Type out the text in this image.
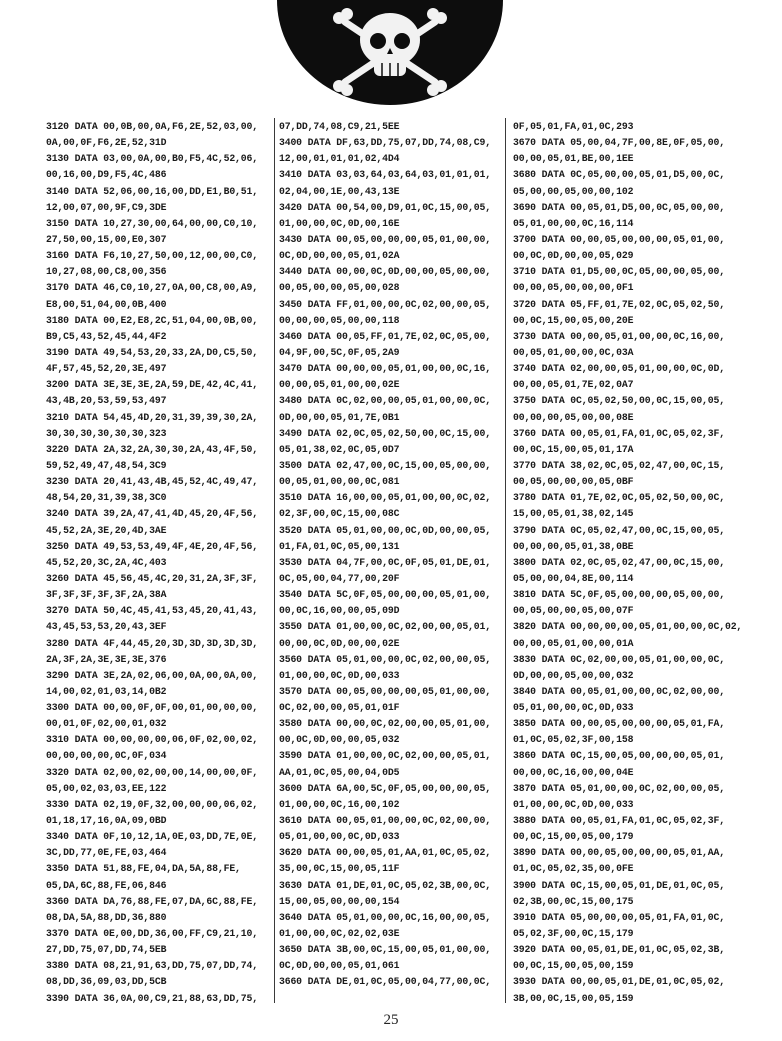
3120 DATA 00,0B,00,0A,F6,2E,52,03,00,
0A,00,0F,F6,2E,52,31D
3130 DATA 03,00,0A,00,B0,F5,4C,52,06,
00,16,00,D9,F5,4C,486
3140 DATA 52,06,00,16,00,DD,E1,B0,51,
12,00,07,00,9F,C9,3DE
3150 DATA 10,27,30,00,64,00,00,C0,10,
27,50,00,15,00,E0,307
3160 DATA F6,10,27,50,00,12,00,00,C0,
10,27,08,00,C8,00,356
3170 DATA 46,C0,10,27,0A,00,C8,00,A9,
E8,00,51,04,00,0B,400
3180 DATA 00,E2,E8,2C,51,04,00,0B,00,
B9,C5,43,52,45,44,4F2
3190 DATA 49,54,53,20,33,2A,D0,C5,50,
4F,57,45,52,20,3E,497
3200 DATA 3E,3E,3E,2A,59,DE,42,4C,41,
43,4B,20,53,59,53,497
3210 DATA 54,45,4D,20,31,39,39,30,2A,
30,30,30,30,30,30,323
3220 DATA 2A,32,2A,30,30,2A,43,4F,50,
59,52,49,47,48,54,3C9
3230 DATA 20,41,43,4B,45,52,4C,49,47,
48,54,20,31,39,38,3C0
3240 DATA 39,2A,47,41,4D,45,20,4F,56,
45,52,2A,3E,20,4D,3AE
3250 DATA 49,53,53,49,4F,4E,20,4F,56,
45,52,20,3C,2A,4C,403
3260 DATA 45,56,45,4C,20,31,2A,3F,3F,
3F,3F,3F,3F,3F,2A,38A
3270 DATA 50,4C,45,41,53,45,20,41,43,
43,45,53,53,20,43,3EF
3280 DATA 4F,44,45,20,3D,3D,3D,3D,3D,
2A,3F,2A,3E,3E,3E,376
3290 DATA 3E,2A,02,06,00,0A,00,0A,00,
14,00,02,01,03,14,0B2
3300 DATA 00,00,0F,0F,00,01,00,00,00,
00,01,0F,02,00,01,032
3310 DATA 00,00,00,00,06,0F,02,00,02,
00,00,00,00,0C,0F,034
3320 DATA 02,00,02,00,00,14,00,00,0F,
05,00,02,03,03,EE,122
3330 DATA 02,19,0F,32,00,00,00,06,02,
01,18,17,16,0A,09,0BD
3340 DATA 0F,10,12,1A,0E,03,DD,7E,0E,
3C,DD,77,0E,FE,03,464
3350 DATA 51,88,FE,04,DA,5A,88,FE,
05,DA,6C,88,FE,06,846
3360 DATA DA,76,88,FE,07,DA,6C,88,FE,
08,DA,5A,88,DD,36,880
3370 DATA 0E,00,DD,36,00,FF,C9,21,10,
27,DD,75,07,DD,74,5EB
3380 DATA 08,21,91,63,DD,75,07,DD,74,
08,DD,36,09,03,DD,5CB
3390 DATA 36,0A,00,C9,21,88,63,DD,75,
07,DD,74,08,C9,21,5EE
3400 DATA DF,63,DD,75,07,DD,74,08,C9,
12,00,01,01,01,02,4D4
3410 DATA 03,03,64,03,64,03,01,01,01,
02,04,00,1E,00,43,13E
3420 DATA 00,54,00,D9,01,0C,15,00,05,
01,00,00,0C,0D,00,16E
3430 DATA 00,05,00,00,00,05,01,00,00,
0C,0D,00,00,05,01,02A
3440 DATA 00,00,0C,0D,00,00,05,00,00,
00,05,00,00,05,00,028
3450 DATA FF,01,00,00,0C,02,00,00,05,
00,00,00,05,00,00,118
3460 DATA 00,05,FF,01,7E,02,0C,05,00,
04,9F,00,5C,0F,05,2A9
3470 DATA 00,00,00,05,01,00,00,0C,16,
00,00,05,01,00,00,02E
3480 DATA 0C,02,00,00,05,01,00,00,0C,
0D,00,00,05,01,7E,0B1
3490 DATA 02,0C,05,02,50,00,0C,15,00,
05,01,38,02,0C,05,0D7
3500 DATA 02,47,00,0C,15,00,05,00,00,
00,05,01,00,00,0C,081
3510 DATA 16,00,00,05,01,00,00,0C,02,
02,3F,00,0C,15,00,08C
3520 DATA 05,01,00,00,0C,0D,00,00,05,
01,FA,01,0C,05,00,131
3530 DATA 04,7F,00,0C,0F,05,01,DE,01,
0C,05,00,04,77,00,20F
3540 DATA 5C,0F,05,00,00,00,05,01,00,
00,0C,16,00,00,05,09D
3550 DATA 01,00,00,0C,02,00,00,05,01,
00,00,0C,0D,00,00,02E
3560 DATA 05,01,00,00,0C,02,00,00,05,
01,00,00,0C,0D,00,033
3570 DATA 00,05,00,00,00,05,01,00,00,
0C,02,00,00,05,01,01F
3580 DATA 00,00,0C,02,00,00,05,01,00,
00,0C,0D,00,00,05,032
3590 DATA 01,00,00,0C,02,00,00,05,01,
AA,01,0C,05,00,04,0D5
3600 DATA 6A,00,5C,0F,05,00,00,00,05,
01,00,00,0C,16,00,102
3610 DATA 00,05,01,00,00,0C,02,00,00,
05,01,00,00,0C,0D,033
3620 DATA 00,00,05,01,AA,01,0C,05,02,
35,00,0C,15,00,05,11F
3630 DATA 01,DE,01,0C,05,02,3B,00,0C,
15,00,05,00,00,00,154
3640 DATA 05,01,00,00,0C,16,00,00,05,
01,00,00,0C,02,02,03E
3650 DATA 3B,00,0C,15,00,05,01,00,00,
0C,0D,00,00,05,01,061
3660 DATA DE,01,0C,05,00,04,77,00,0C,
0F,05,01,FA,01,0C,293
3670 DATA 05,00,04,7F,00,8E,0F,05,00,
00,00,05,01,BE,00,1EE
3680 DATA 0C,05,00,00,05,01,D5,00,0C,
05,00,00,05,00,00,102
3690 DATA 00,05,01,D5,00,0C,05,00,00,
05,01,00,00,0C,16,114
3700 DATA 00,00,05,00,00,00,05,01,00,
00,0C,0D,00,00,05,029
3710 DATA 01,D5,00,0C,05,00,00,05,00,
00,00,05,00,00,00,0F1
3720 DATA 05,FF,01,7E,02,0C,05,02,50,
00,0C,15,00,05,00,20E
3730 DATA 00,00,05,01,00,00,0C,16,00,
00,05,01,00,00,0C,03A
3740 DATA 02,00,00,05,01,00,00,0C,0D,
00,00,05,01,7E,02,0A7
3750 DATA 0C,05,02,50,00,0C,15,00,05,
00,00,00,05,00,00,08E
3760 DATA 00,05,01,FA,01,0C,05,02,3F,
00,0C,15,00,05,01,17A
3770 DATA 38,02,0C,05,02,47,00,0C,15,
00,05,00,00,00,05,0BF
3780 DATA 01,7E,02,0C,05,02,50,00,0C,
15,00,05,01,38,02,145
3790 DATA 0C,05,02,47,00,0C,15,00,05,
00,00,00,05,01,38,0BE
3800 DATA 02,0C,05,02,47,00,0C,15,00,
05,00,00,04,8E,00,114
3810 DATA 5C,0F,05,00,00,00,05,00,00,
00,05,00,00,05,00,07F
3820 DATA 00,00,00,00,05,01,00,00,0C,02,
00,00,05,01,00,00,01A
3830 DATA 0C,02,00,00,05,01,00,00,0C,
0D,00,00,05,00,00,032
3840 DATA 00,05,01,00,00,0C,02,00,00,
05,01,00,00,0C,0D,033
3850 DATA 00,00,05,00,00,00,05,01,FA,
01,0C,05,02,3F,00,158
3860 DATA 0C,15,00,05,00,00,00,05,01,
00,00,0C,16,00,00,04E
3870 DATA 05,01,00,00,0C,02,00,00,05,
01,00,00,0C,0D,00,033
3880 DATA 00,05,01,FA,01,0C,05,02,3F,
00,0C,15,00,05,00,179
3890 DATA 00,00,05,00,00,00,05,01,AA,
01,0C,05,02,35,00,0FE
3900 DATA 0C,15,00,05,01,DE,01,0C,05,
02,3B,00,0C,15,00,175
3910 DATA 05,00,00,00,05,01,FA,01,0C,
05,02,3F,00,0C,15,179
3920 DATA 00,05,01,DE,01,0C,05,02,3B,
00,0C,15,00,05,00,159
3930 DATA 00,00,05,01,DE,01,0C,05,02,
3B,00,0C,15,00,05,159
25
